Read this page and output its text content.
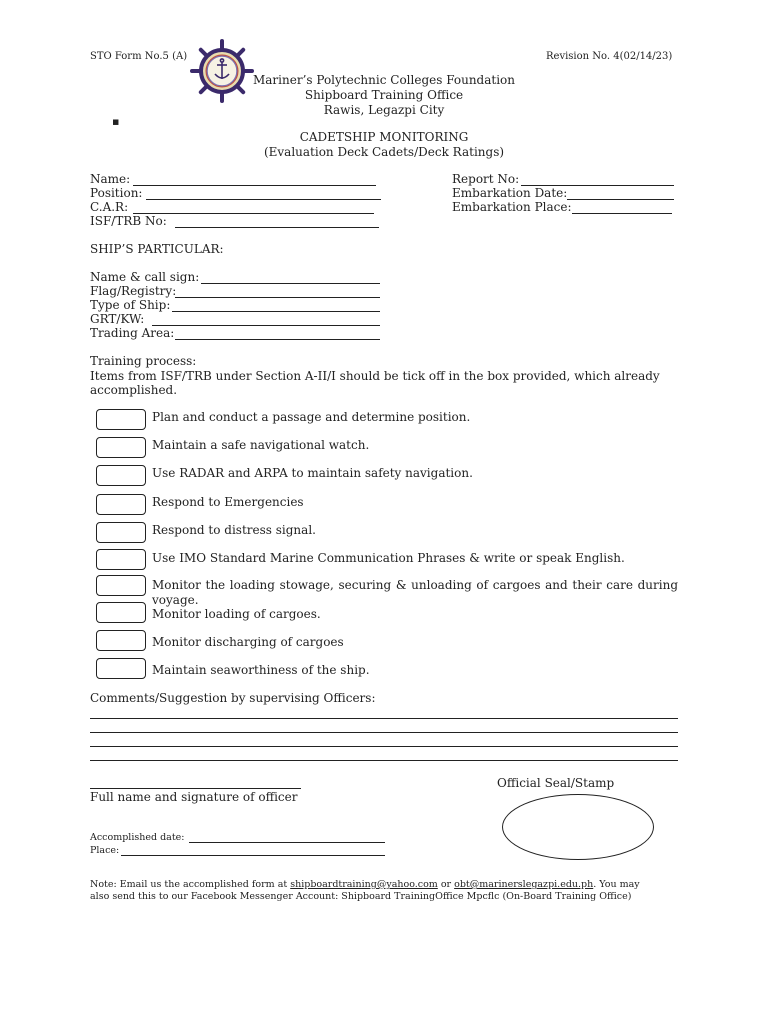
STO Form No.5 (A)	Revision No. 4(02/14/23)
Mariner’s Polytechnic Colleges Foundation
Shipboard Training Office
Rawis, Legazpi City
▪
CADETSHIP MONITORING
(Evaluation Deck Cadets/Deck Ratings)
Name:
Position:
C.A.R:
ISF/TRB No:
Report No:
Embarkation Date:
Embarkation Place:
SHIP’S PARTICULAR:
Name & call sign:
Flag/Registry:
Type of Ship:
GRT/KW:
Trading Area:
Training process:
Items from ISF/TRB under Section A-II/I should be tick off in the box provided, which already
accomplished.
Plan and conduct a passage and determine position.
Maintain a safe navigational watch.
Use RADAR and ARPA to maintain safety navigation.
Respond to Emergencies
Respond to distress signal.
Use IMO Standard Marine Communication Phrases & write or speak English.
Monitor the loading stowage, securing & unloading of cargoes and their care during
voyage.
Monitor loading of cargoes.
Monitor discharging of cargoes
Maintain seaworthiness of the ship.
Comments/Suggestion by supervising Officers:
Full name and signature of officer
Official Seal/Stamp
Accomplished date:
Place:
Note: Email us the accomplished form at shipboardtraining@yahoo.com or obt@marinerslegazpi.edu.ph. You may
also send this to our Facebook Messenger Account: Shipboard TrainingOffice Mpcflc (On-Board Training Office)
